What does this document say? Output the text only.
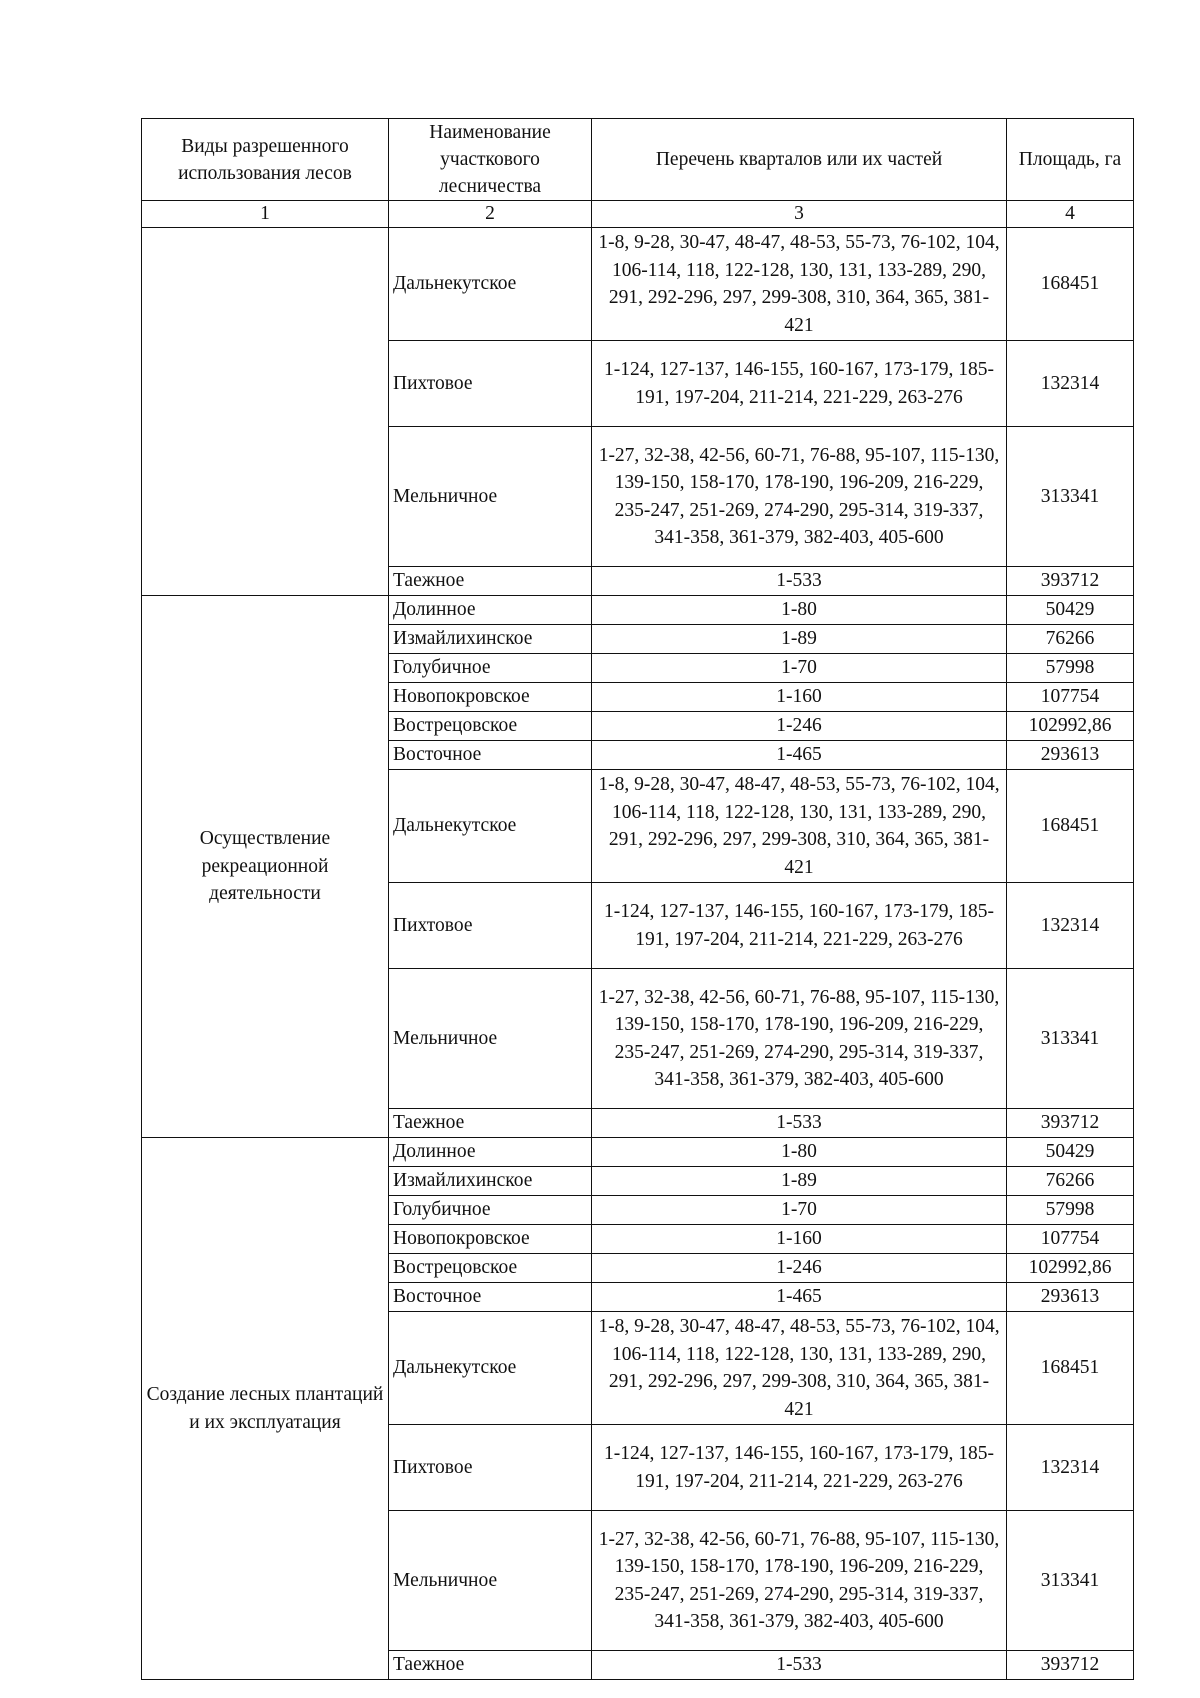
Виды разрешенного использования лесов	Наименование участкового лесничества	Перечень кварталов или их частей	Площадь, га
1	2	3	4
	Дальнекутское	1-8, 9-28, 30-47, 48-47, 48-53, 55-73, 76-102, 104, 106-114, 118, 122-128, 130, 131, 133-289, 290, 291, 292-296, 297, 299-308, 310, 364, 365, 381-421	168451
	Пихтовое	1-124, 127-137, 146-155, 160-167, 173-179, 185-191, 197-204, 211-214, 221-229, 263-276	132314
	Мельничное	1-27, 32-38, 42-56, 60-71, 76-88, 95-107, 115-130, 139-150, 158-170, 178-190, 196-209, 216-229, 235-247, 251-269, 274-290, 295-314, 319-337, 341-358, 361-379, 382-403, 405-600	313341
	Таежное	1-533	393712
Осуществление рекреационной деятельности	Долинное	1-80	50429
	Измайлихинское	1-89	76266
	Голубичное	1-70	57998
	Новопокровское	1-160	107754
	Вострецовское	1-246	102992,86
	Восточное	1-465	293613
	Дальнекутское	1-8, 9-28, 30-47, 48-47, 48-53, 55-73, 76-102, 104, 106-114, 118, 122-128, 130, 131, 133-289, 290, 291, 292-296, 297, 299-308, 310, 364, 365, 381-421	168451
	Пихтовое	1-124, 127-137, 146-155, 160-167, 173-179, 185-191, 197-204, 211-214, 221-229, 263-276	132314
	Мельничное	1-27, 32-38, 42-56, 60-71, 76-88, 95-107, 115-130, 139-150, 158-170, 178-190, 196-209, 216-229, 235-247, 251-269, 274-290, 295-314, 319-337, 341-358, 361-379, 382-403, 405-600	313341
	Таежное	1-533	393712
Создание лесных плантаций и их эксплуатация	Долинное	1-80	50429
	Измайлихинское	1-89	76266
	Голубичное	1-70	57998
	Новопокровское	1-160	107754
	Вострецовское	1-246	102992,86
	Восточное	1-465	293613
	Дальнекутское	1-8, 9-28, 30-47, 48-47, 48-53, 55-73, 76-102, 104, 106-114, 118, 122-128, 130, 131, 133-289, 290, 291, 292-296, 297, 299-308, 310, 364, 365, 381-421	168451
	Пихтовое	1-124, 127-137, 146-155, 160-167, 173-179, 185-191, 197-204, 211-214, 221-229, 263-276	132314
	Мельничное	1-27, 32-38, 42-56, 60-71, 76-88, 95-107, 115-130, 139-150, 158-170, 178-190, 196-209, 216-229, 235-247, 251-269, 274-290, 295-314, 319-337, 341-358, 361-379, 382-403, 405-600	313341
	Таежное	1-533	393712
